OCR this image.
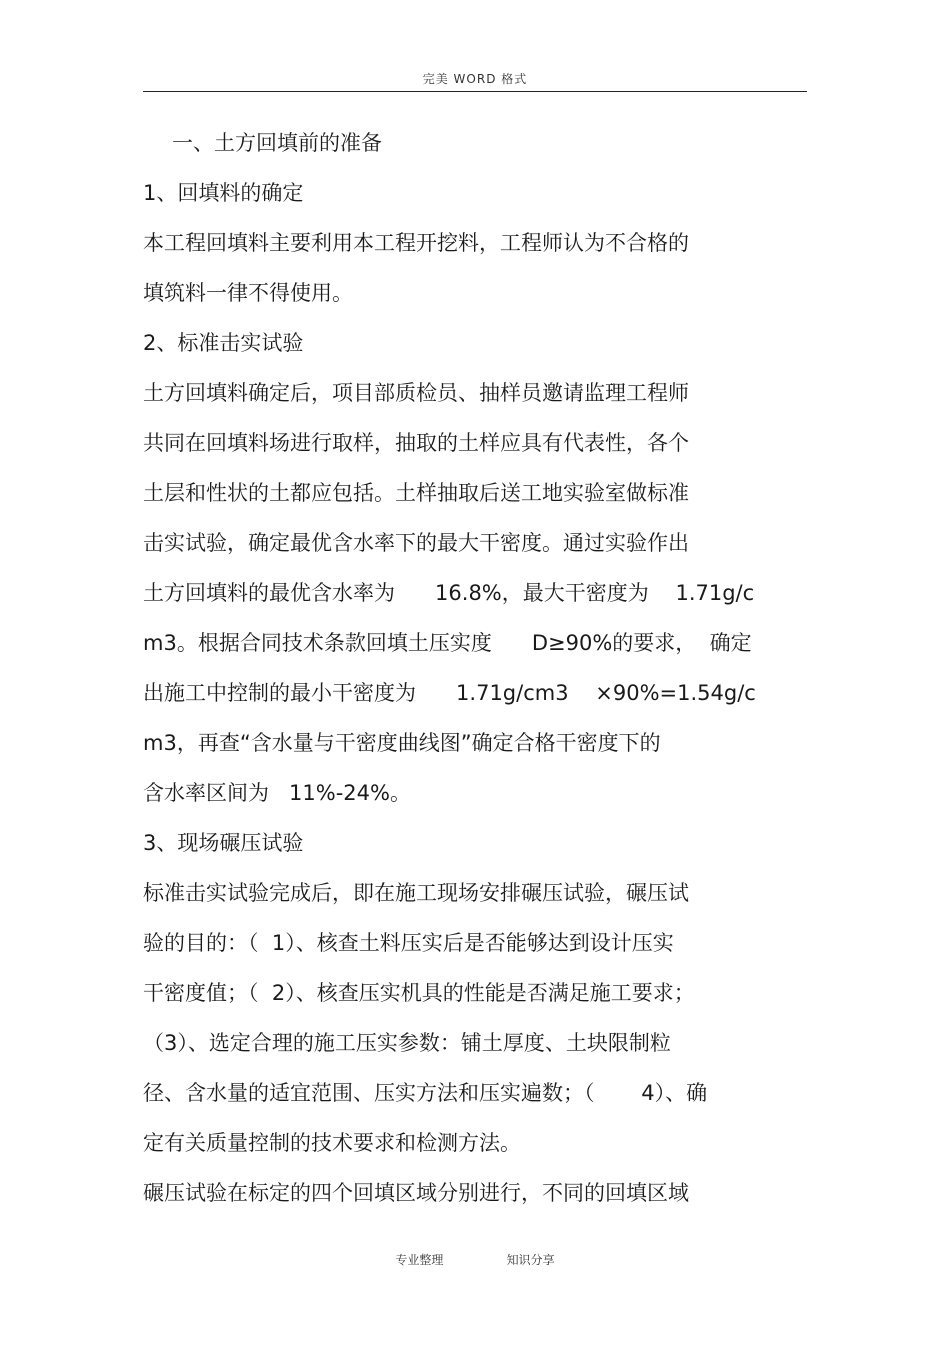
完美 WORD 格式
一、土方回填前的准备
1、回填料的确定
本工程回填料主要利用本工程开挖料，工程师认为不合格的
填筑料一律不得使用。
2、标准击实试验
土方回填料确定后，项目部质检员、抽样员邀请监理工程师
共同在回填料场进行取样，抽取的土样应具有代表性，各个
土层和性状的土都应包括。土样抽取后送工地实验室做标准
击实试验，确定最优含水率下的最大干密度。通过实验作出
土方回填料的最优含水率为      16.8%，最大干密度为    1.71g/c
m3。根据合同技术条款回填土压实度      D≥90%的要求，  确定
出施工中控制的最小干密度为      1.71g/cm3    ×90%=1.54g/c
m3，再查“含水量与干密度曲线图”确定合格干密度下的
含水率区间为   11%-24%。
3、现场碾压试验
标准击实试验完成后，即在施工现场安排碾压试验，碾压试
验的目的：（  1）、核查土料压实后是否能够达到设计压实
干密度值；（  2）、核查压实机具的性能是否满足施工要求；
（3）、选定合理的施工压实参数：铺土厚度、土块限制粒
径、含水量的适宜范围、压实方法和压实遍数；（       4）、确
定有关质量控制的技术要求和检测方法。
碾压试验在标定的四个回填区域分别进行，不同的回填区域
专业整理    知识分享
